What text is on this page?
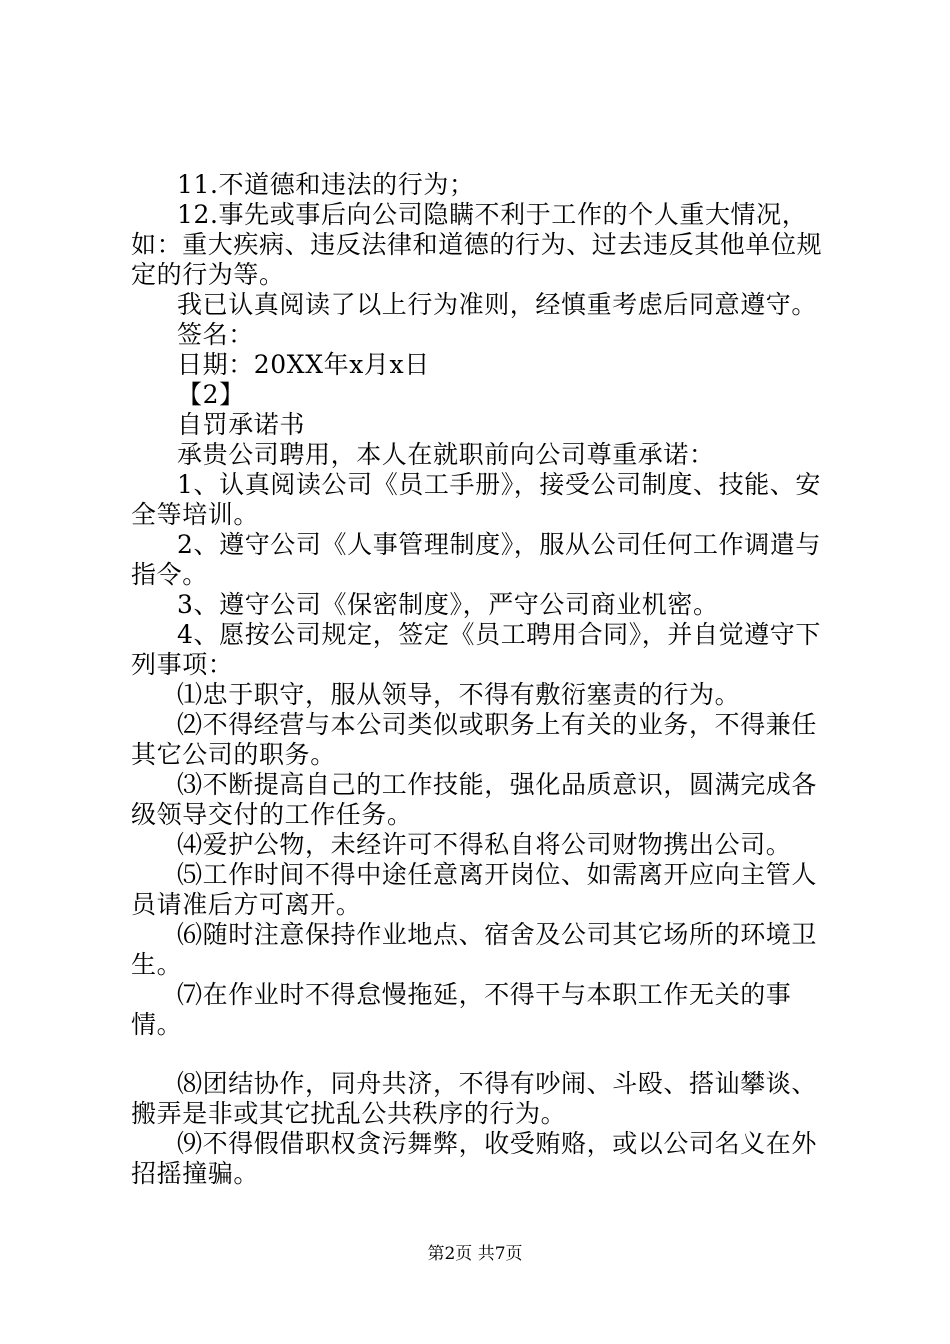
11.不道德和违法的行为；

12.事先或事后向公司隐瞒不利于工作的个人重大情况，如：重大疾病、违反法律和道德的行为、过去违反其他单位规定的行为等。

我已认真阅读了以上行为准则，经慎重考虑后同意遵守。

签名：

日期：20XX年x月x日

【2】

自罚承诺书

承贵公司聘用，本人在就职前向公司尊重承诺：

1、认真阅读公司《员工手册》，接受公司制度、技能、安全等培训。

2、遵守公司《人事管理制度》，服从公司任何工作调遣与指令。

3、遵守公司《保密制度》，严守公司商业机密。

4、愿按公司规定，签定《员工聘用合同》，并自觉遵守下列事项：

⑴忠于职守，服从领导，不得有敷衍塞责的行为。

⑵不得经营与本公司类似或职务上有关的业务，不得兼任其它公司的职务。

⑶不断提高自己的工作技能，强化品质意识，圆满完成各级领导交付的工作任务。

⑷爱护公物，未经许可不得私自将公司财物携出公司。

⑸工作时间不得中途任意离开岗位、如需离开应向主管人员请准后方可离开。

⑹随时注意保持作业地点、宿舍及公司其它场所的环境卫生。

⑺在作业时不得怠慢拖延，不得干与本职工作无关的事情。

⑻团结协作，同舟共济，不得有吵闹、斗殴、搭讪攀谈、搬弄是非或其它扰乱公共秩序的行为。

⑼不得假借职权贪污舞弊，收受贿赂，或以公司名义在外招摇撞骗。

第2页 共7页
